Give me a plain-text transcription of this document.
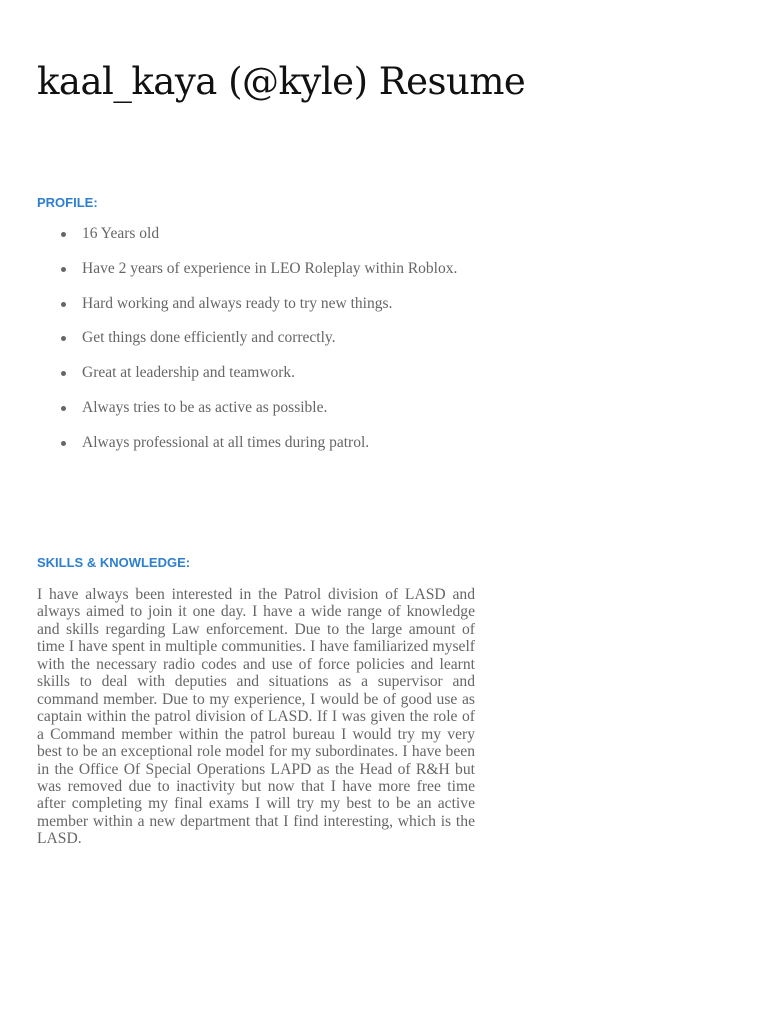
kaal_kaya (@kyle) Resume
PROFILE:
16 Years old
Have 2 years of experience in LEO Roleplay within Roblox.
Hard working and always ready to try new things.
Get things done efficiently and correctly.
Great at leadership and teamwork.
Always tries to be as active as possible.
Always professional at all times during patrol.
SKILLS & KNOWLEDGE:

I have always been interested in the Patrol division of LASD and always aimed to join it one day. I have a wide range of knowledge and skills regarding Law enforcement. Due to the large amount of time I have spent in multiple communities. I have familiarized myself with the necessary radio codes and use of force policies and learnt skills to deal with deputies and situations as a supervisor and command member. Due to my experience, I would be of good use as captain within the patrol division of LASD. If I was given the role of a Command member within the patrol bureau I would try my very best to be an exceptional role model for my subordinates. I have been in the Office Of Special Operations LAPD as the Head of R&H but was removed due to inactivity but now that I have more free time after completing my final exams I will try my best to be an active member within a new department that I find interesting, which is the LASD.
